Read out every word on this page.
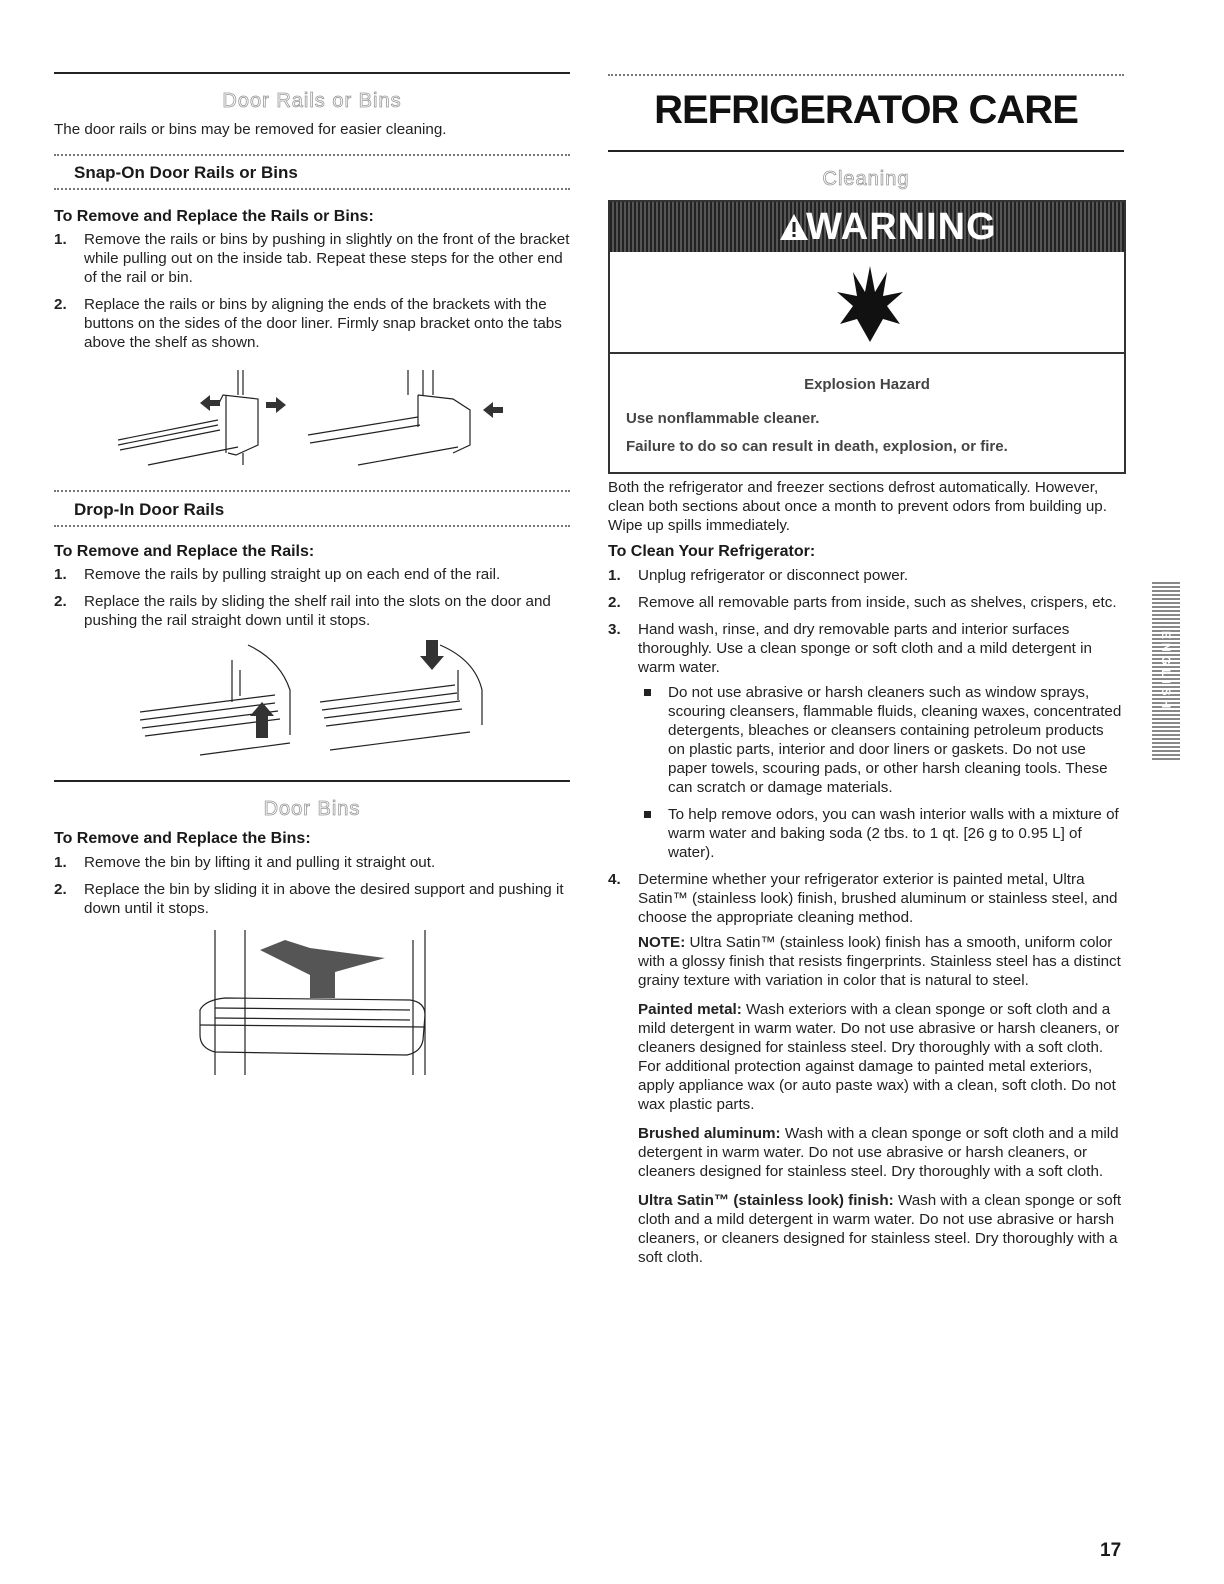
Door Rails or Bins
The door rails or bins may be removed for easier cleaning.
Snap-On Door Rails or Bins
To Remove and Replace the Rails or Bins:
1. Remove the rails or bins by pushing in slightly on the front of the bracket while pulling out on the inside tab. Repeat these steps for the other end of the rail or bin.
2. Replace the rails or bins by aligning the ends of the brackets with the buttons on the sides of the door liner. Firmly snap bracket onto the tabs above the shelf as shown.
Drop-In Door Rails
To Remove and Replace the Rails:
1. Remove the rails by pulling straight up on each end of the rail.
2. Replace the rails by sliding the shelf rail into the slots on the door and pushing the rail straight down until it stops.
Door Bins
To Remove and Replace the Bins:
1. Remove the bin by lifting it and pulling it straight out.
2. Replace the bin by sliding it in above the desired support and pushing it down until it stops.
REFRIGERATOR CARE
Cleaning
WARNING
Explosion Hazard
Use nonflammable cleaner.
Failure to do so can result in death, explosion, or fire.
Both the refrigerator and freezer sections defrost automatically. However, clean both sections about once a month to prevent odors from building up. Wipe up spills immediately.
To Clean Your Refrigerator:
1. Unplug refrigerator or disconnect power.
2. Remove all removable parts from inside, such as shelves, crispers, etc.
3. Hand wash, rinse, and dry removable parts and interior surfaces thoroughly. Use a clean sponge or soft cloth and a mild detergent in warm water.
Do not use abrasive or harsh cleaners such as window sprays, scouring cleansers, flammable fluids, cleaning waxes, concentrated detergents, bleaches or cleansers containing petroleum products on plastic parts, interior and door liners or gaskets. Do not use paper towels, scouring pads, or other harsh cleaning tools. These can scratch or damage materials.
To help remove odors, you can wash interior walls with a mixture of warm water and baking soda (2 tbs. to 1 qt. [26 g to 0.95 L] of water).
4. Determine whether your refrigerator exterior is painted metal, Ultra Satin™ (stainless look) finish, brushed aluminum or stainless steel, and choose the appropriate cleaning method.
NOTE: Ultra Satin™ (stainless look) finish has a smooth, uniform color with a glossy finish that resists fingerprints. Stainless steel has a distinct grainy texture with variation in color that is natural to steel.
Painted metal: Wash exteriors with a clean sponge or soft cloth and a mild detergent in warm water. Do not use abrasive or harsh cleaners, or cleaners designed for stainless steel. Dry thoroughly with a soft cloth. For additional protection against damage to painted metal exteriors, apply appliance wax (or auto paste wax) with a clean, soft cloth. Do not wax plastic parts.
Brushed aluminum: Wash with a clean sponge or soft cloth and a mild detergent in warm water. Do not use abrasive or harsh cleaners, or cleaners designed for stainless steel. Dry thoroughly with a soft cloth.
Ultra Satin™ (stainless look) finish: Wash with a clean sponge or soft cloth and a mild detergent in warm water. Do not use abrasive or harsh cleaners, or cleaners designed for stainless steel. Dry thoroughly with a soft cloth.
ENGLISH
17
